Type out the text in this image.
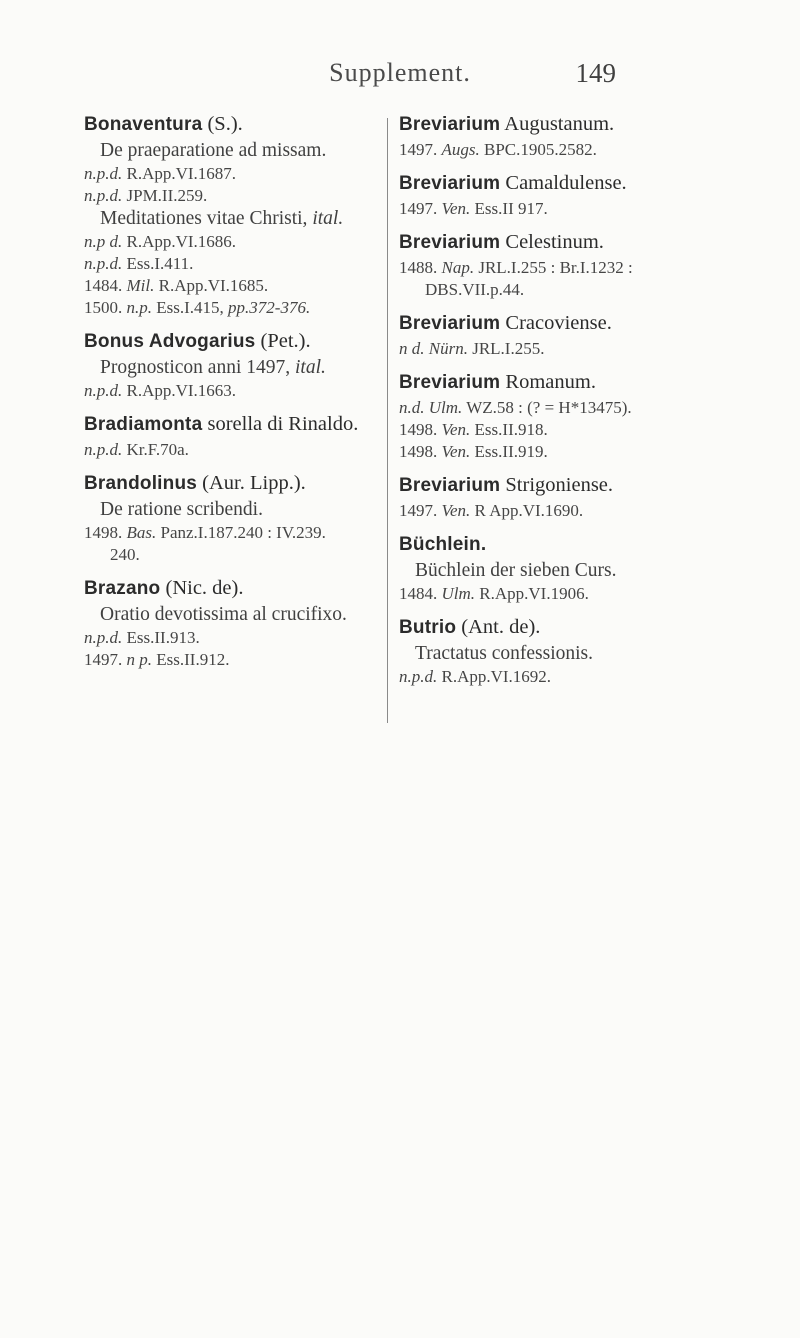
Supplement.	149
Bonaventura (S.).
De praeparatione ad missam.
n.p.d. R.App.VI.1687.
n.p.d. JPM.II.259.
Meditationes vitae Christi, ital.
n.p d. R.App.VI.1686.
n.p.d. Ess.I.411.
1484. Mil. R.App.VI.1685.
1500. n.p. Ess.I.415, pp.372-376.
Bonus Advogarius (Pet.).
Prognosticon anni 1497, ital.
n.p.d. R.App.VI.1663.
Bradiamonta sorella di Rinaldo.
n.p.d. Kr.F.70a.
Brandolinus (Aur. Lipp.).
De ratione scribendi.
1498. Bas. Panz.I.187.240 : IV.239.
240.
Brazano (Nic. de).
Oratio devotissima al crucifixo.
n.p.d. Ess.II.913.
1497. n p. Ess.II.912.
Breviarium Augustanum.
1497. Augs. BPC.1905.2582.
Breviarium Camaldulense.
1497. Ven. Ess.II 917.
Breviarium Celestinum.
1488. Nap. JRL.I.255 : Br.I.1232 :
DBS.VII.p.44.
Breviarium Cracoviense.
n d. Nürn. JRL.I.255.
Breviarium Romanum.
n.d. Ulm. WZ.58 : (? = H*13475).
1498. Ven. Ess.II.918.
1498. Ven. Ess.II.919.
Breviarium Strigoniense.
1497. Ven. R App.VI.1690.
Büchlein.
Büchlein der sieben Curs.
1484. Ulm. R.App.VI.1906.
Butrio (Ant. de).
Tractatus confessionis.
n.p.d. R.App.VI.1692.
